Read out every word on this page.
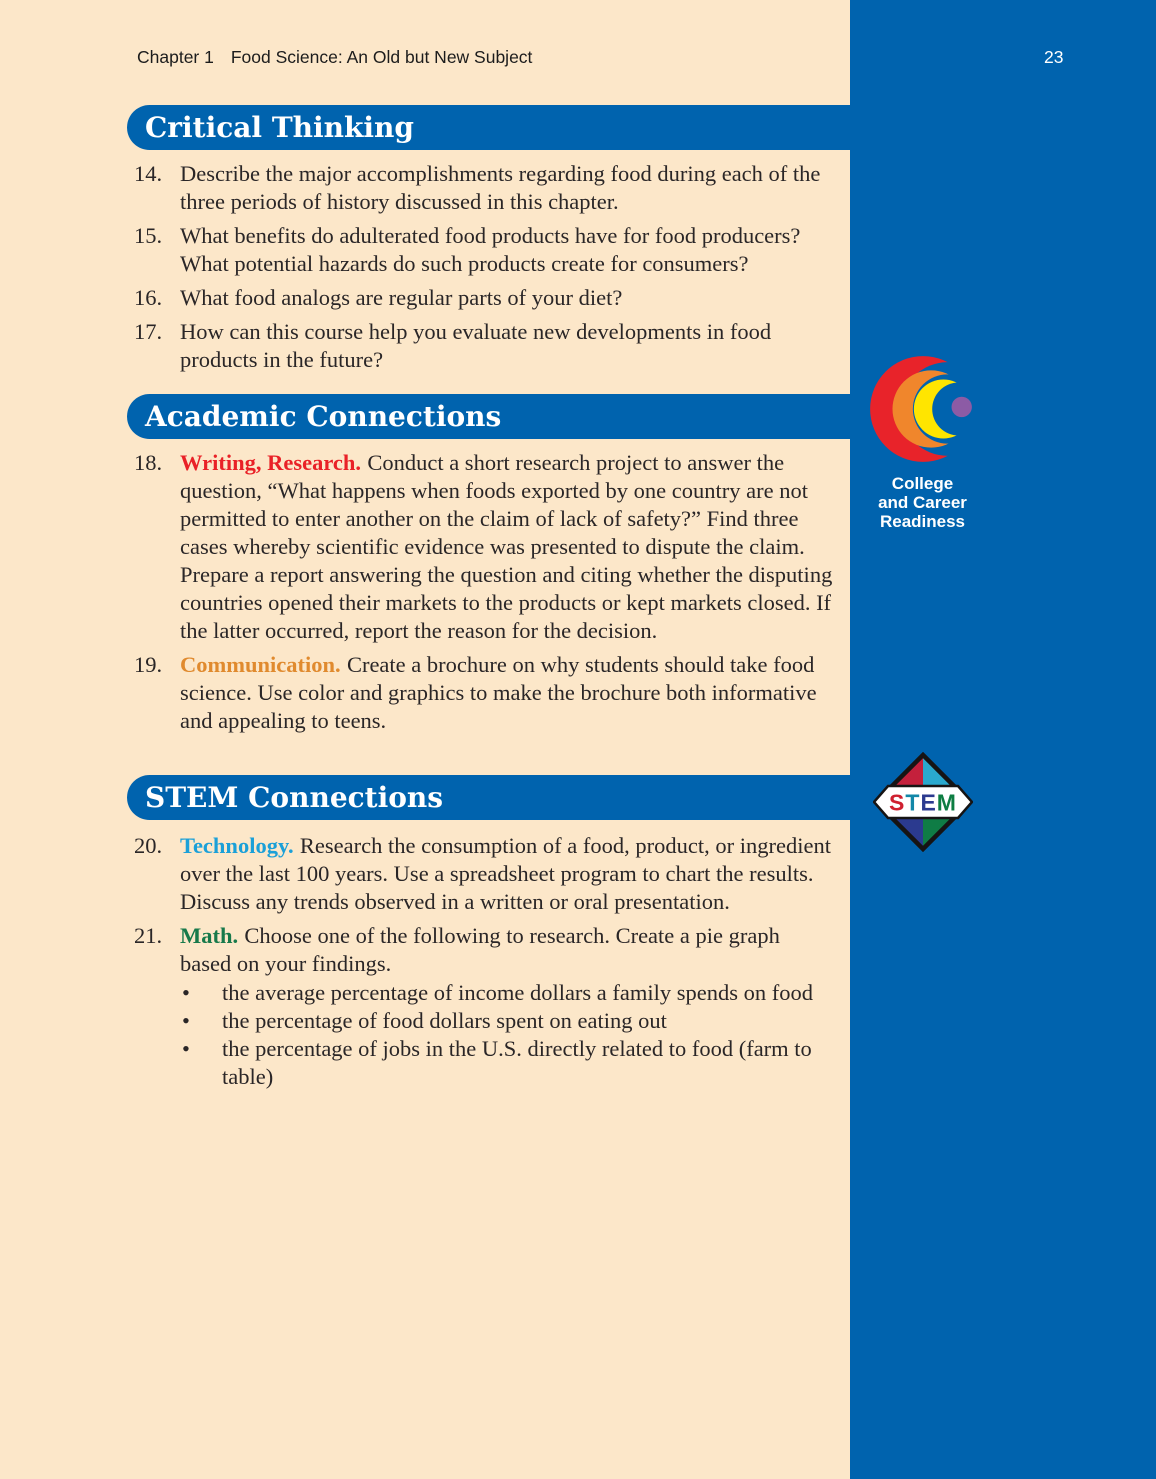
Chapter 1 Food Science: An Old but New Subject	23
Critical Thinking
Academic Connections
STEM Connections
14. Describe the major accomplishments regarding food during each of the three periods of history discussed in this chapter.
15. What benefits do adulterated food products have for food producers? What potential hazards do such products create for consumers?
16. What food analogs are regular parts of your diet?
17. How can this course help you evaluate new developments in food products in the future?
18. Writing, Research. Conduct a short research project to answer the question, “What happens when foods exported by one country are not permitted to enter another on the claim of lack of safety?” Find three cases whereby scientific evidence was presented to dispute the claim. Prepare a report answering the question and citing whether the disputing countries opened their markets to the products or kept markets closed. If the latter occurred, report the reason for the decision.
19. Communication. Create a brochure on why students should take food science. Use color and graphics to make the brochure both informative and appealing to teens.
20. Technology. Research the consumption of a food, product, or ingredient over the last 100 years. Use a spreadsheet program to chart the results. Discuss any trends observed in a written or oral presentation.
21. Math. Choose one of the following to research. Create a pie graph based on your findings.
•	the average percentage of income dollars a family spends on food
•	the percentage of food dollars spent on eating out
•	the percentage of jobs in the U.S. directly related to food (farm to table)
College
and Career
Readiness
STEM
